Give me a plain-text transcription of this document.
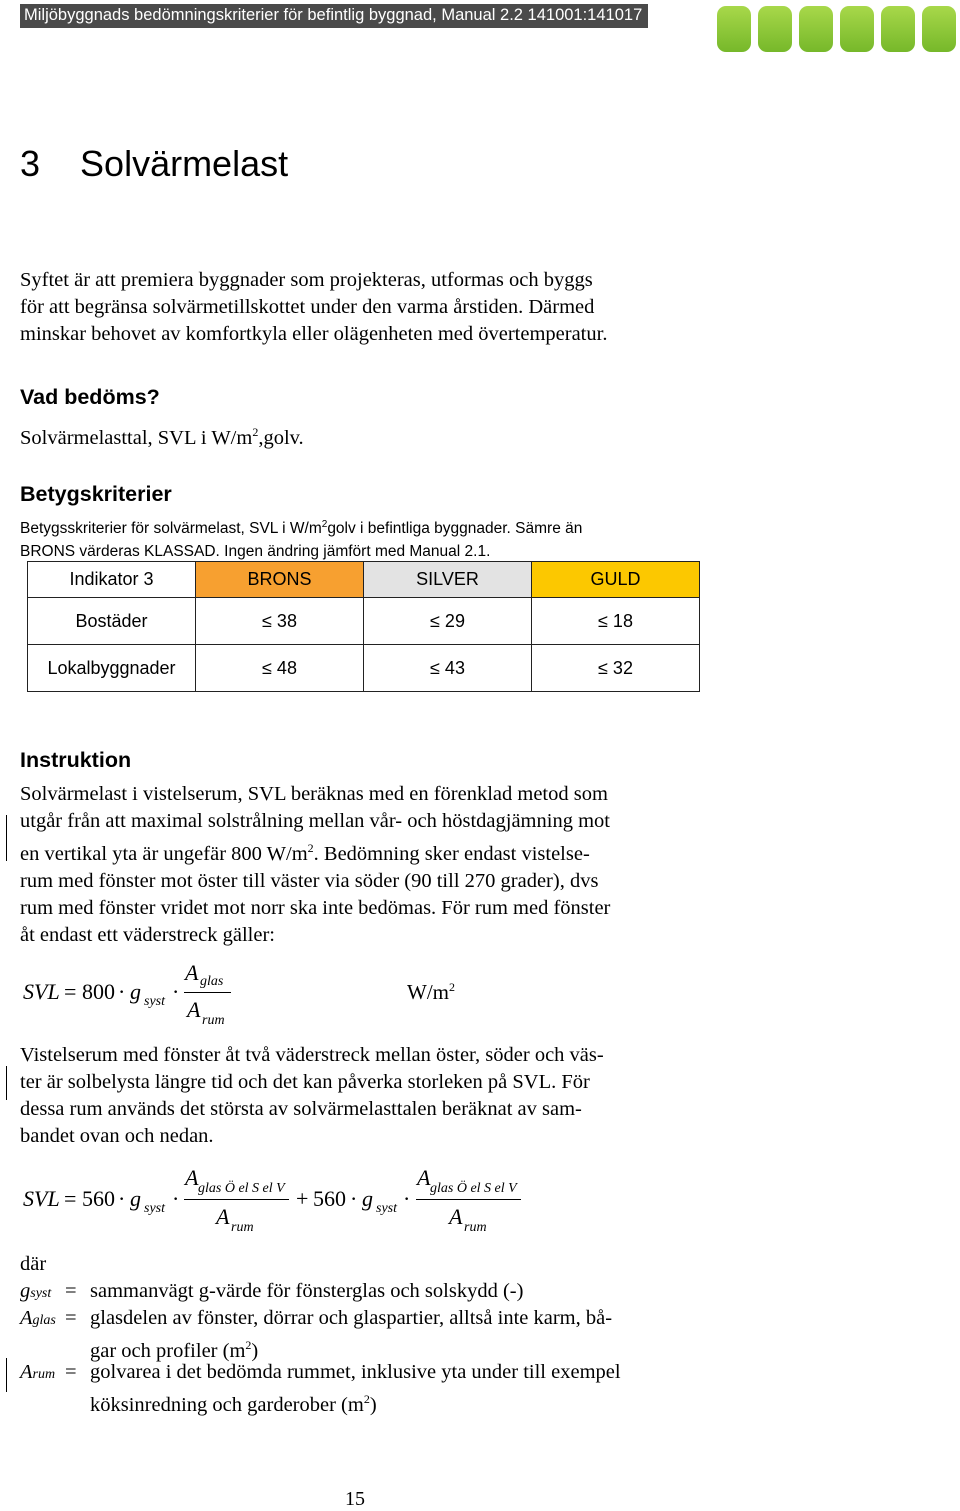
Miljöbyggnads bedömningskriterier för befintlig byggnad, Manual 2.2 141001:141017
3 Solvärmelast
Syftet är att premiera byggnader som projekteras, utformas och byggs
för att begränsa solvärmetillskottet under den varma årstiden. Därmed
minskar behovet av komfortkyla eller olägenheten med övertemperatur.
Vad bedöms?
Solvärmelasttal, SVL i $W/m^2,golv$.
Betygskriterier
Betygsskriterier för solvärmelast, SVL i $W/m^2golv$ i befintliga byggnader. Sämre än
BRONS värderas KLASSAD. Ingen ändring jämfört med Manual 2.1.
Indikator 3	BRONS	SILVER	GULD
Bostäder	≤ 38	≤ 29	≤ 18
Lokalbyggnader	≤ 48	≤ 43	≤ 32
Instruktion
Solvärmelast i vistelserum, SVL beräknas med en förenklad metod som
utgår från att maximal solstrålning mellan vår- och höstdagjämning mot
en vertikal yta är ungefär 800 $W/m^2$. Bedömning sker endast vistelse-
rum med fönster mot öster till väster via söder (90 till 270 grader), dvs
rum med fönster vridet mot norr ska inte bedömas. För rum med fönster
åt endast ett väderstreck gäller:
SVL = 800 · g syst ·
A glas
A rum
$W/m^2$
Vistelserum med fönster åt två väderstreck mellan öster, söder och väs-
ter är solbelysta längre tid och det kan påverka storleken på SVL. För
dessa rum används det största av solvärmelasttalen beräknat av sam-
bandet ovan och nedan.
SVL = 560 · g syst ·
A glas Ö el S el V
A rum
+ 560 · g syst ·
A glas Ö el S el V
A rum
där
gsyst = sammanvägt g-värde för fönsterglas och solskydd (-)
Aglas = glasdelen av fönster, dörrar och glaspartier, alltså inte karm, bå-
gar och profiler $(m^2)$
Arum = golvarea i det bedömda rummet, inklusive yta under till exempel
köksinredning och garderober $(m^2)$
15
